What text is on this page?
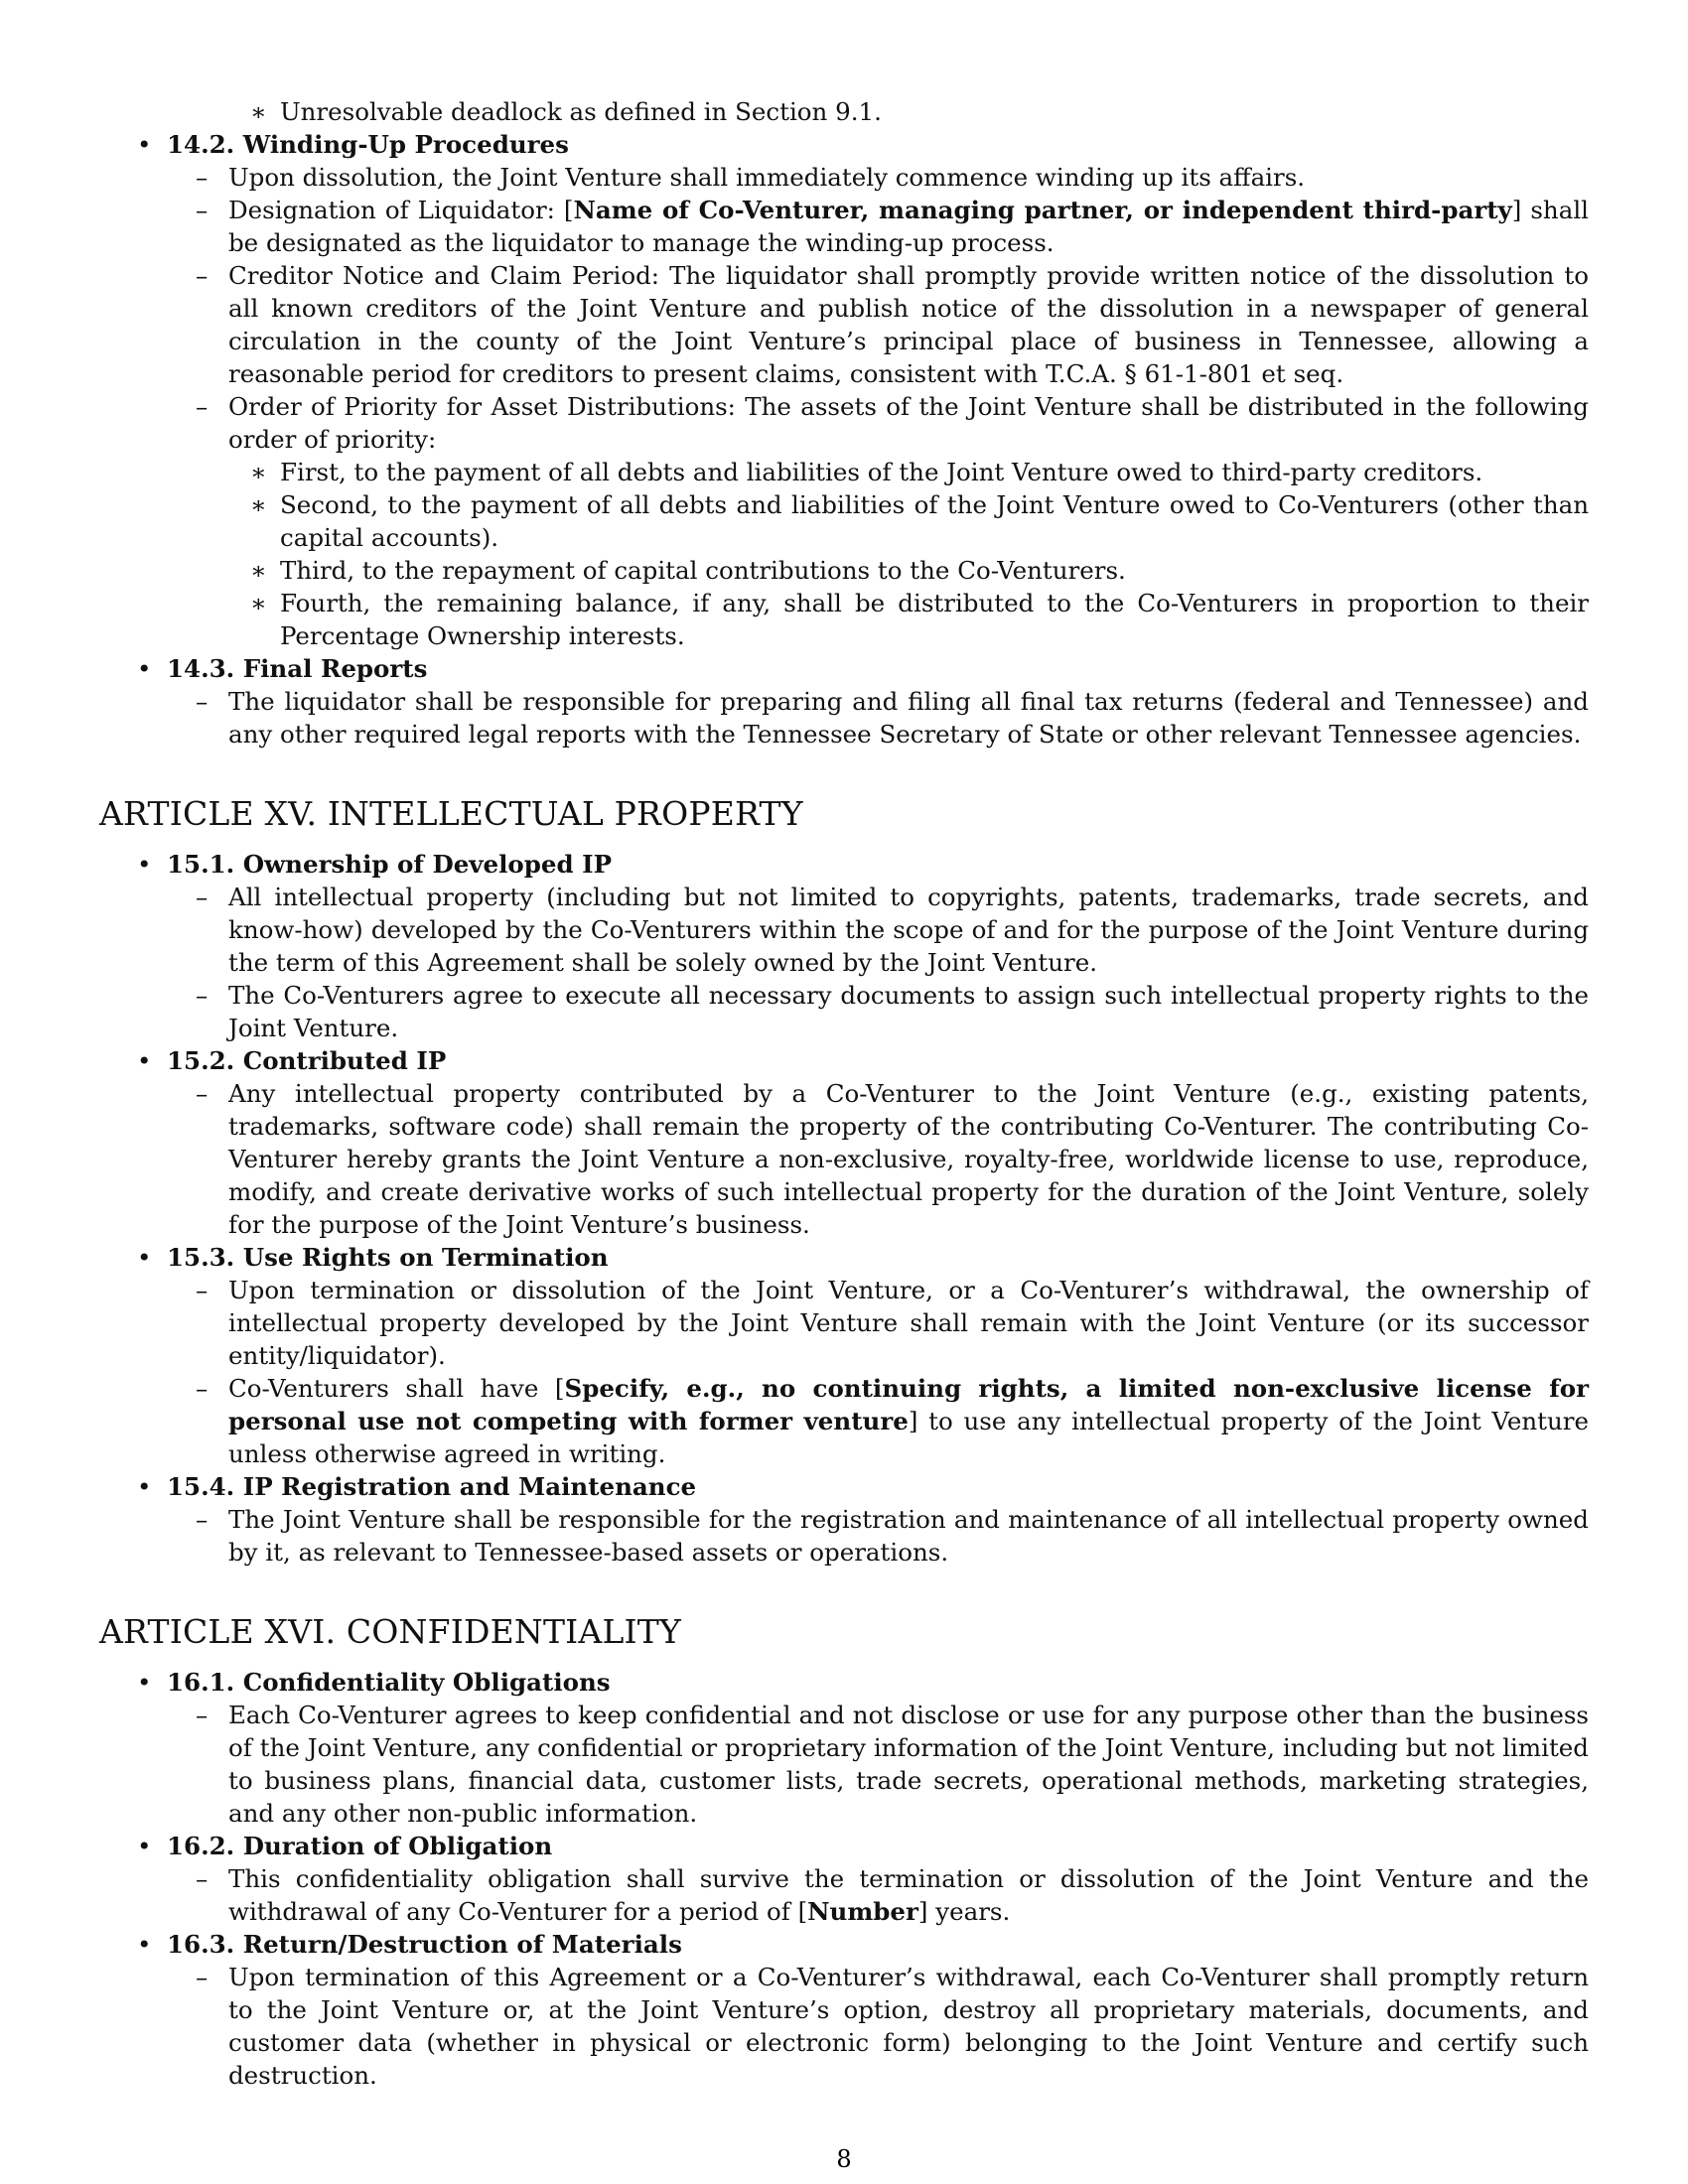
∗ Unresolvable deadlock as defined in Section 9.1.
• 14.2. Winding-Up Procedures
– Upon dissolution, the Joint Venture shall immediately commence winding up its affairs.
– Designation of Liquidator: [Name of Co-Venturer, managing partner, or independent third-party] shall be designated as the liquidator to manage the winding-up process.
– Creditor Notice and Claim Period: The liquidator shall promptly provide written notice of the dissolution to all known creditors of the Joint Venture and publish notice of the dissolution in a newspaper of general circulation in the county of the Joint Venture’s principal place of business in Tennessee, allowing a reasonable period for creditors to present claims, consistent with T.C.A. § 61-1-801 et seq.
– Order of Priority for Asset Distributions: The assets of the Joint Venture shall be distributed in the following order of priority:
∗ First, to the payment of all debts and liabilities of the Joint Venture owed to third-party creditors.
∗ Second, to the payment of all debts and liabilities of the Joint Venture owed to Co-Venturers (other than capital accounts).
∗ Third, to the repayment of capital contributions to the Co-Venturers.
∗ Fourth, the remaining balance, if any, shall be distributed to the Co-Venturers in proportion to their Percentage Ownership interests.
• 14.3. Final Reports
– The liquidator shall be responsible for preparing and filing all final tax returns (federal and Tennessee) and any other required legal reports with the Tennessee Secretary of State or other relevant Tennessee agencies.
ARTICLE XV. INTELLECTUAL PROPERTY
• 15.1. Ownership of Developed IP
– All intellectual property (including but not limited to copyrights, patents, trademarks, trade secrets, and know-how) developed by the Co-Venturers within the scope of and for the purpose of the Joint Venture during the term of this Agreement shall be solely owned by the Joint Venture.
– The Co-Venturers agree to execute all necessary documents to assign such intellectual property rights to the Joint Venture.
• 15.2. Contributed IP
– Any intellectual property contributed by a Co-Venturer to the Joint Venture (e.g., existing patents, trademarks, software code) shall remain the property of the contributing Co-Venturer. The contributing Co-Venturer hereby grants the Joint Venture a non-exclusive, royalty-free, worldwide license to use, reproduce, modify, and create derivative works of such intellectual property for the duration of the Joint Venture, solely for the purpose of the Joint Venture’s business.
• 15.3. Use Rights on Termination
– Upon termination or dissolution of the Joint Venture, or a Co-Venturer’s withdrawal, the ownership of intellectual property developed by the Joint Venture shall remain with the Joint Venture (or its successor entity/liquidator).
– Co-Venturers shall have [Specify, e.g., no continuing rights, a limited non-exclusive license for personal use not competing with former venture] to use any intellectual property of the Joint Venture unless otherwise agreed in writing.
• 15.4. IP Registration and Maintenance
– The Joint Venture shall be responsible for the registration and maintenance of all intellectual property owned by it, as relevant to Tennessee-based assets or operations.
ARTICLE XVI. CONFIDENTIALITY
• 16.1. Confidentiality Obligations
– Each Co-Venturer agrees to keep confidential and not disclose or use for any purpose other than the business of the Joint Venture, any confidential or proprietary information of the Joint Venture, including but not limited to business plans, financial data, customer lists, trade secrets, operational methods, marketing strategies, and any other non-public information.
• 16.2. Duration of Obligation
– This confidentiality obligation shall survive the termination or dissolution of the Joint Venture and the withdrawal of any Co-Venturer for a period of [Number] years.
• 16.3. Return/Destruction of Materials
– Upon termination of this Agreement or a Co-Venturer’s withdrawal, each Co-Venturer shall promptly return to the Joint Venture or, at the Joint Venture’s option, destroy all proprietary materials, documents, and customer data (whether in physical or electronic form) belonging to the Joint Venture and certify such destruction.
8
